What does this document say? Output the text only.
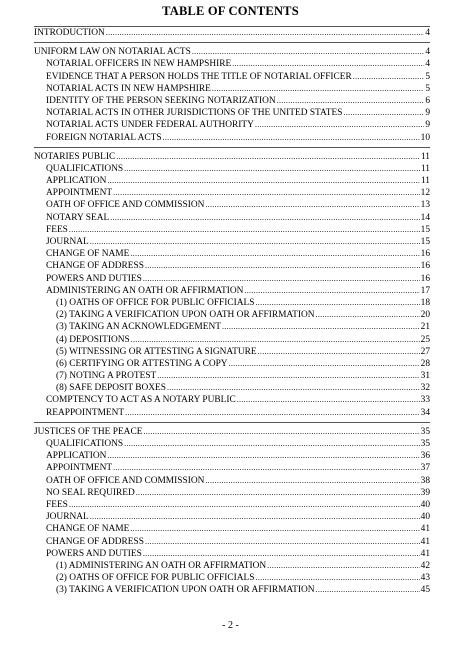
TABLE OF CONTENTS
INTRODUCTION .....	4
UNIFORM LAW ON NOTARIAL ACTS .....	4
NOTARIAL OFFICERS IN NEW HAMPSHIRE .....	4
EVIDENCE THAT A PERSON HOLDS THE TITLE OF NOTARIAL OFFICER .....	5
NOTARIAL ACTS IN NEW HAMPSHIRE .....	5
IDENTITY OF THE PERSON SEEKING NOTARIZATION .....	6
NOTARIAL ACTS IN OTHER JURISDICTIONS OF THE UNITED STATES .....	9
NOTARIAL ACTS UNDER FEDERAL AUTHORITY .....	9
FOREIGN NOTARIAL ACTS .....	10
NOTARIES PUBLIC .....	11
QUALIFICATIONS .....	11
APPLICATION .....	11
APPOINTMENT .....	12
OATH OF OFFICE AND COMMISSION .....	13
NOTARY SEAL .....	14
FEES .....	15
JOURNAL .....	15
CHANGE OF NAME .....	16
CHANGE OF ADDRESS .....	16
POWERS AND DUTIES .....	16
ADMINISTERING AN OATH OR AFFIRMATION .....	17
(1) OATHS OF OFFICE FOR PUBLIC OFFICIALS .....	18
(2) TAKING A VERIFICATION UPON OATH OR AFFIRMATION .....	20
(3) TAKING AN ACKNOWLEDGEMENT .....	21
(4) DEPOSITIONS .....	25
(5) WITNESSING OR ATTESTING A SIGNATURE .....	27
(6) CERTIFYING OR ATTESTING A COPY .....	28
(7) NOTING A PROTEST .....	31
(8) SAFE DEPOSIT BOXES .....	32
COMPTENCY TO ACT AS A NOTARY PUBLIC .....	33
REAPPOINTMENT .....	34
JUSTICES OF THE PEACE .....	35
QUALIFICATIONS .....	35
APPLICATION .....	36
APPOINTMENT .....	37
OATH OF OFFICE AND COMMISSION .....	38
NO SEAL REQUIRED .....	39
FEES .....	40
JOURNAL .....	40
CHANGE OF NAME .....	41
CHANGE OF ADDRESS .....	41
POWERS AND DUTIES .....	41
(1) ADMINISTERING AN OATH OR AFFIRMATION .....	42
(2) OATHS OF OFFICE FOR PUBLIC OFFICIALS .....	43
(3) TAKING A VERIFICATION UPON OATH OR AFFIRMATION .....	45
- 2 -
